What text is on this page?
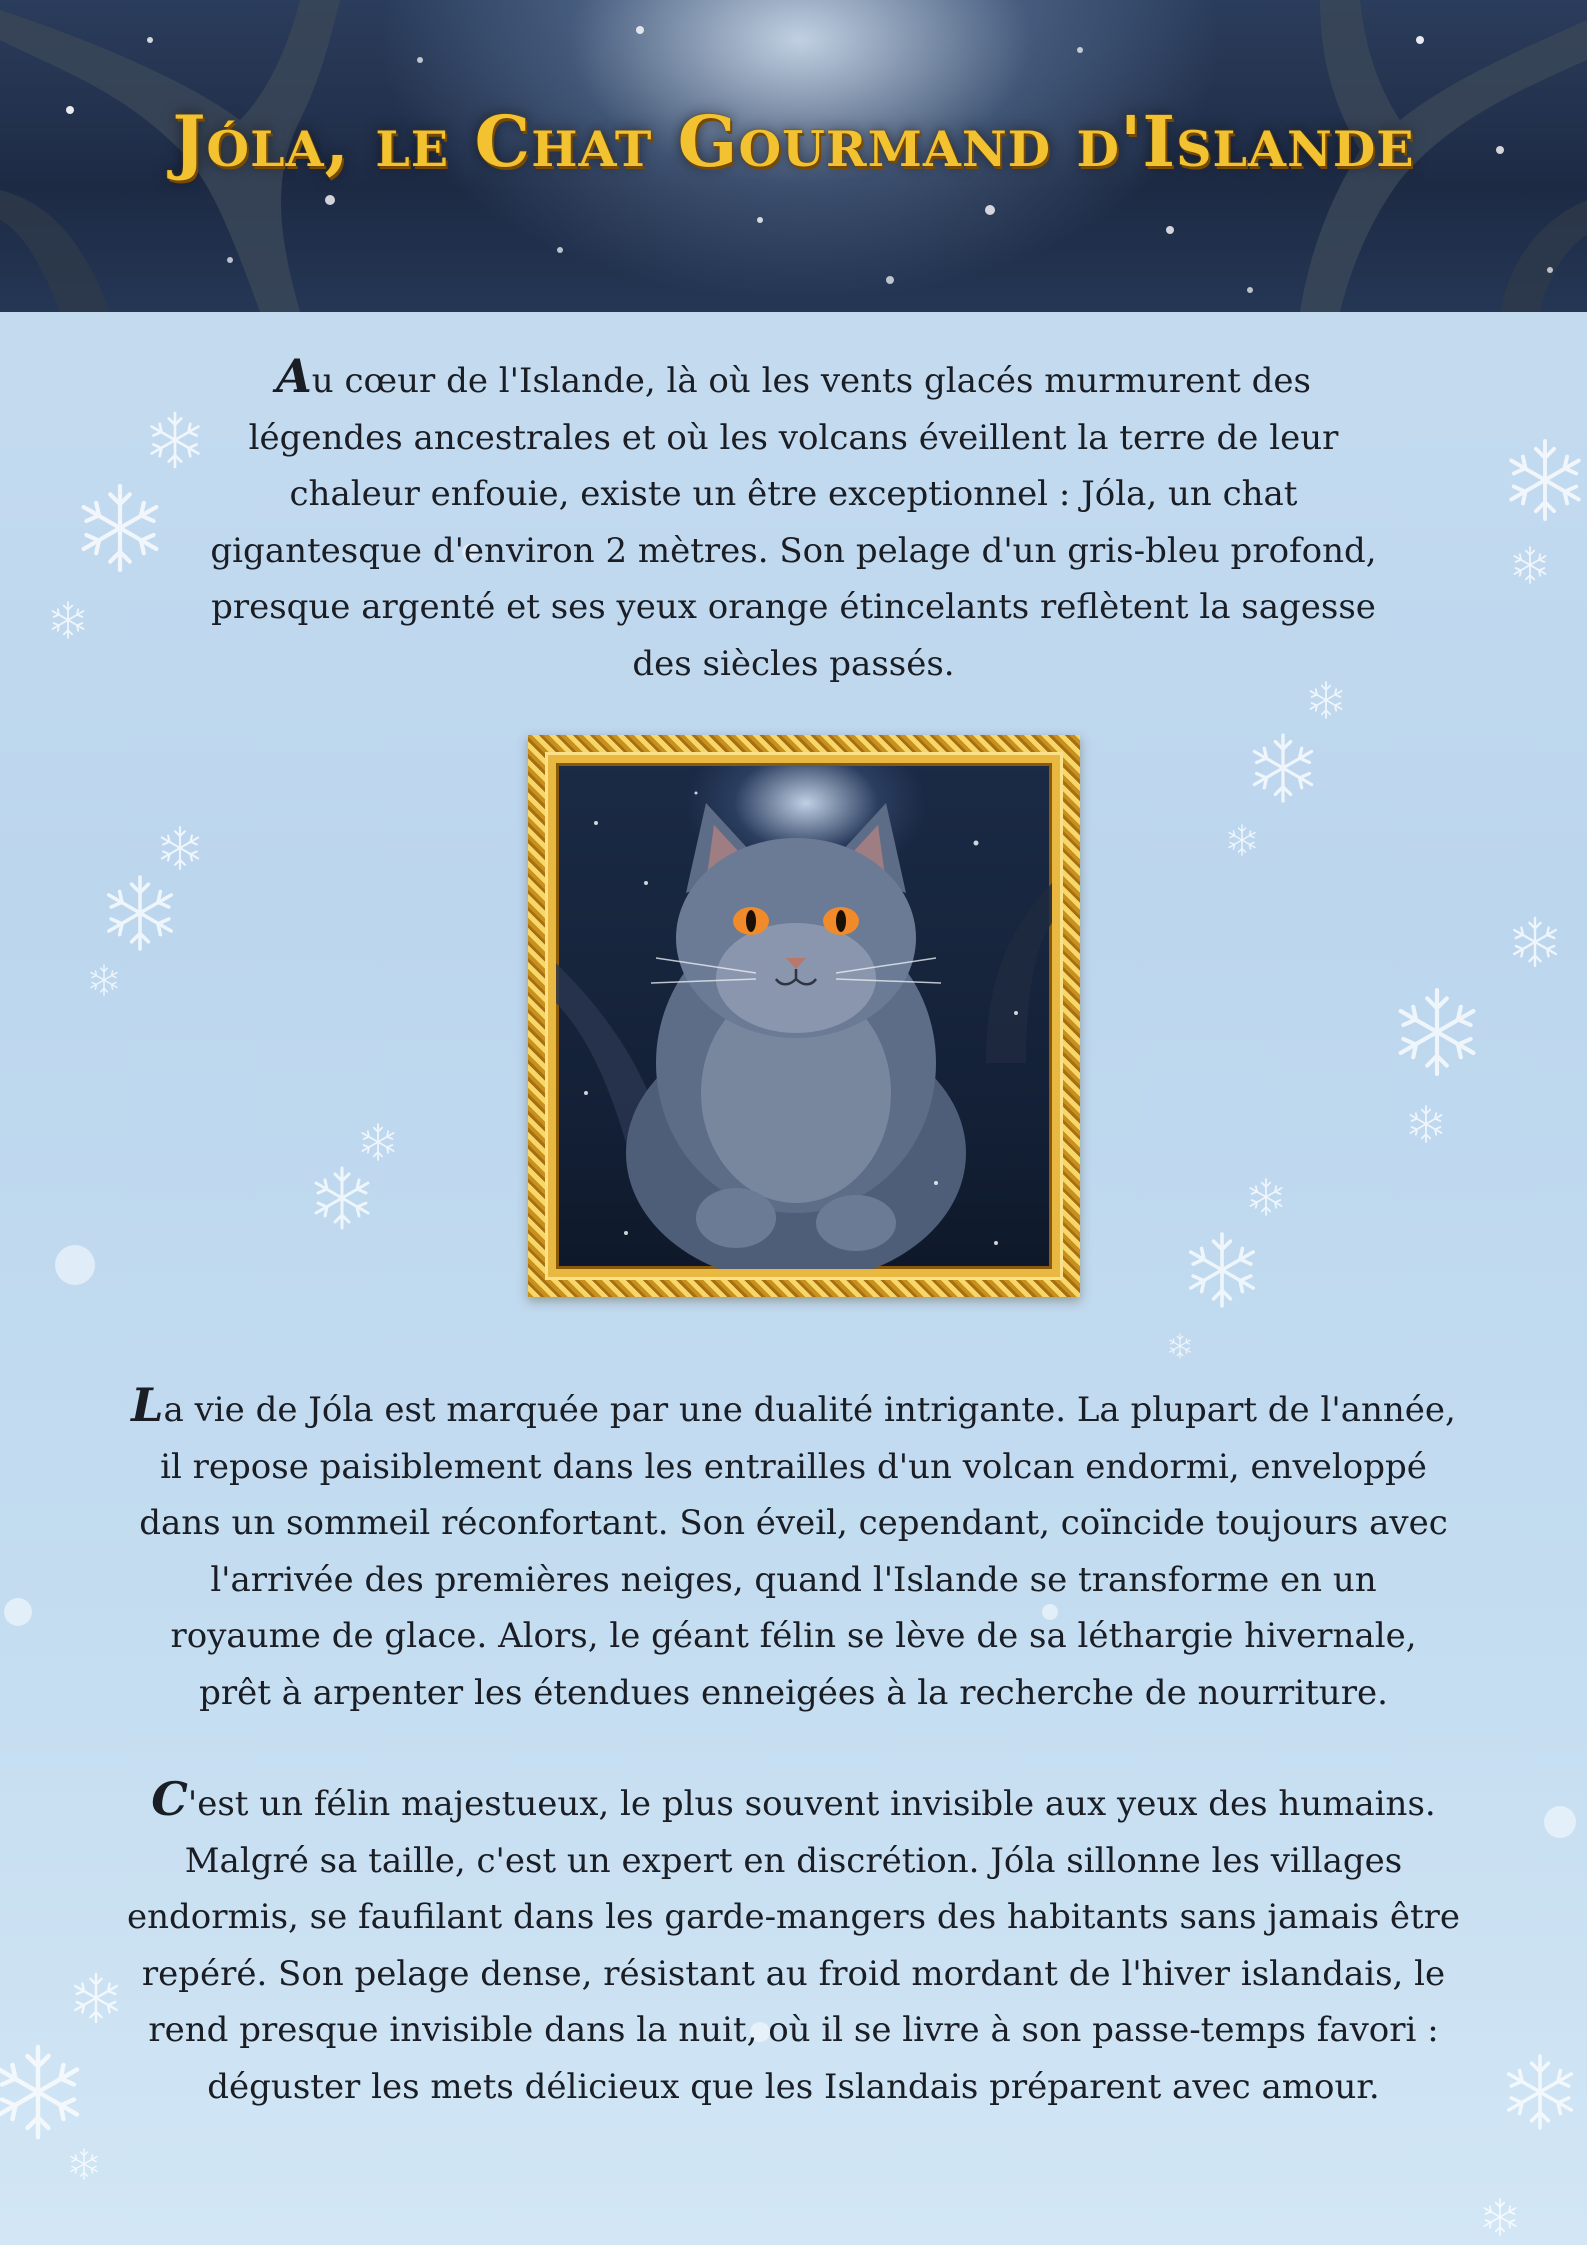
Jóla, le Chat Gourmand d'Islande
Au cœur de l'Islande, là où les vents glacés murmurent des légendes ancestrales et où les volcans éveillent la terre de leur chaleur enfouie, existe un être exceptionnel : Jóla, un chat gigantesque d'environ 2 mètres. Son pelage d'un gris-bleu profond, presque argenté et ses yeux orange étincelants reflètent la sagesse des siècles passés.
La vie de Jóla est marquée par une dualité intrigante. La plupart de l'année, il repose paisiblement dans les entrailles d'un volcan endormi, enveloppé dans un sommeil réconfortant. Son éveil, cependant, coïncide toujours avec l'arrivée des premières neiges, quand l'Islande se transforme en un royaume de glace. Alors, le géant félin se lève de sa léthargie hivernale, prêt à arpenter les étendues enneigées à la recherche de nourriture.
C'est un félin majestueux, le plus souvent invisible aux yeux des humains. Malgré sa taille, c'est un expert en discrétion. Jóla sillonne les villages endormis, se faufilant dans les garde-mangers des habitants sans jamais être repéré. Son pelage dense, résistant au froid mordant de l'hiver islandais, le rend presque invisible dans la nuit, où il se livre à son passe-temps favori : déguster les mets délicieux que les Islandais préparent avec amour.
